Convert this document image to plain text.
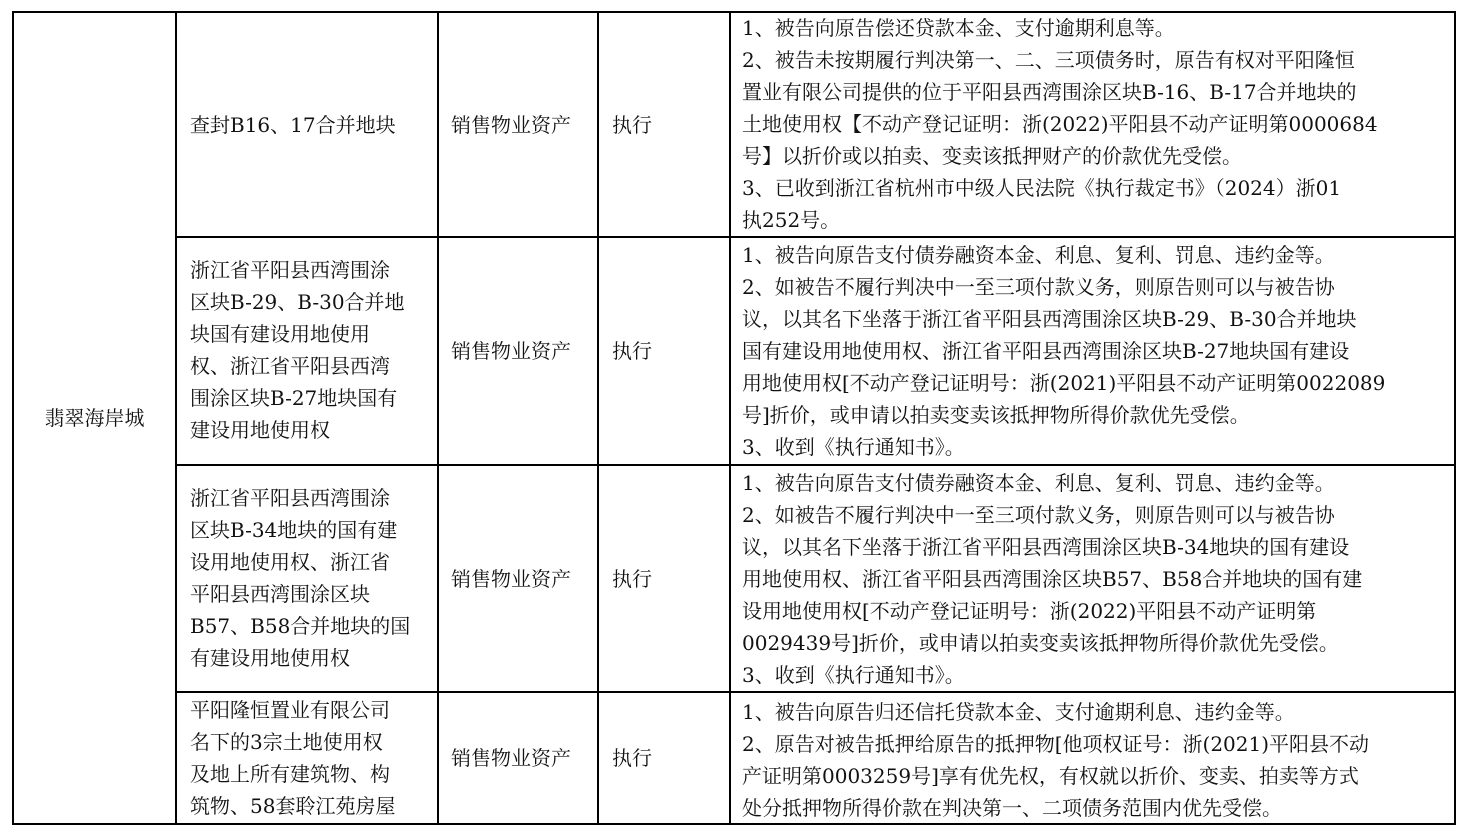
翡翠海岸城
查封B16、17合并地块	销售物业资产 执行

1、被告向原告偿还贷款本金、支付逾期利息等。

2、被告未按期履行判决第一、二、三项债务时，原告有权对平阳隆恒

置业有限公司提供的位于平阳县西湾围涂区块B-16、B-17合并地块的

土地使用权【不动产登记证明：浙(2022)平阳县不动产证明第0000684

号】以折价或以拍卖、变卖该抵押财产的价款优先受偿。

3、已收到浙江省杭州市中级人民法院《执行裁定书》（2024）浙01

执252号。

浙江省平阳县西湾围涂

区块B-29、B-30合并地

块国有建设用地使用

权、浙江省平阳县西湾

围涂区块B-27地块国有

建设用地使用权

销售物业资产 执行

1、被告向原告支付债券融资本金、利息、复利、罚息、违约金等。

2、如被告不履行判决中一至三项付款义务，则原告则可以与被告协

议，以其名下坐落于浙江省平阳县西湾围涂区块B-29、B-30合并地块

国有建设用地使用权、浙江省平阳县西湾围涂区块B-27地块国有建设

用地使用权[不动产登记证明号：浙(2021)平阳县不动产证明第0022089

号]折价，或申请以拍卖变卖该抵押物所得价款优先受偿。

3、收到《执行通知书》。

浙江省平阳县西湾围涂

区块B-34地块的国有建

设用地使用权、浙江省

平阳县西湾围涂区块

B57、B58合并地块的国

有建设用地使用权

销售物业资产 执行

1、被告向原告支付债券融资本金、利息、复利、罚息、违约金等。

2、如被告不履行判决中一至三项付款义务，则原告则可以与被告协

议，以其名下坐落于浙江省平阳县西湾围涂区块B-34地块的国有建设

用地使用权、浙江省平阳县西湾围涂区块B57、B58合并地块的国有建

设用地使用权[不动产登记证明号：浙(2022)平阳县不动产证明第

0029439号]折价，或申请以拍卖变卖该抵押物所得价款优先受偿。

3、收到《执行通知书》。

平阳隆恒置业有限公司

名下的3宗土地使用权

及地上所有建筑物、构

筑物、58套聆江苑房屋

销售物业资产 执行

1、被告向原告归还信托贷款本金、支付逾期利息、违约金等。

2、原告对被告抵押给原告的抵押物[他项权证号：浙(2021)平阳县不动

产证明第0003259号]享有优先权，有权就以折价、变卖、拍卖等方式

处分抵押物所得价款在判决第一、二项债务范围内优先受偿。
